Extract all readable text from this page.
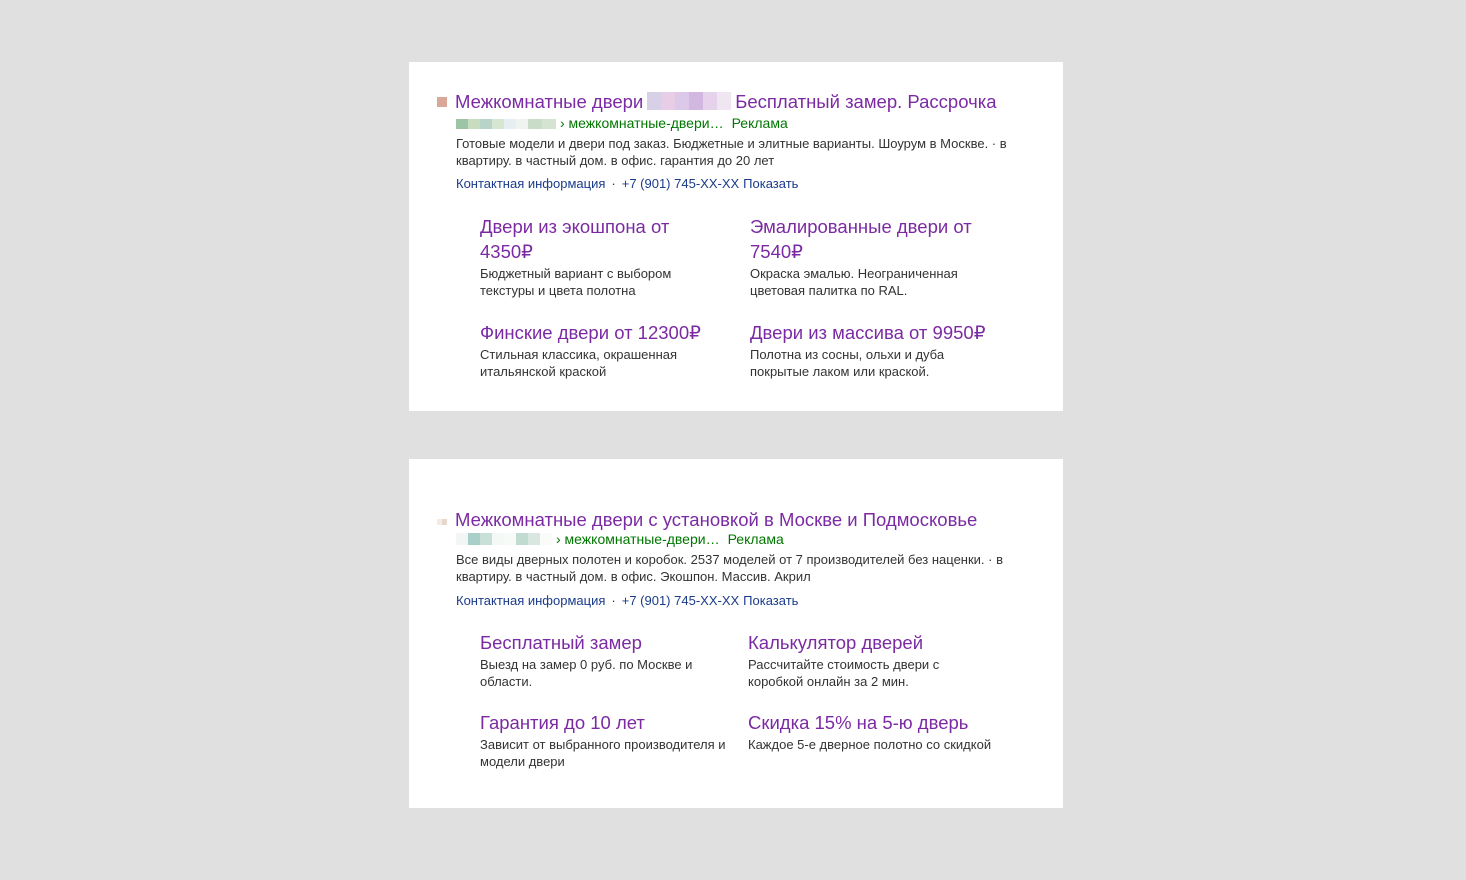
Межкомнатные двери	Бесплатный замер. Рассрочка
› межкомнатные-двери… Реклама
Готовые модели и двери под заказ. Бюджетные и элитные варианты. Шоурум в Москве. · в квартиру. в частный дом. в офис. гарантия до 20 лет
Контактная информация · +7 (901) 745-XX-XX Показать
Двери из экошпона от 4350₽
Бюджетный вариант с выбором текстуры и цвета полотна
Эмалированные двери от 7540₽
Окраска эмалью. Неограниченная цветовая палитка по RAL.
Финские двери от 12300₽
Стильная классика, окрашенная итальянской краской
Двери из массива от 9950₽
Полотна из сосны, ольхи и дуба покрытые лаком или краской.
Межкомнатные двери с установкой в Москве и Подмосковье
› межкомнатные-двери… Реклама
Все виды дверных полотен и коробок. 2537 моделей от 7 производителей без наценки. · в квартиру. в частный дом. в офис. Экошпон. Массив. Акрил
Контактная информация · +7 (901) 745-XX-XX Показать
Бесплатный замер
Выезд на замер 0 руб. по Москве и области.
Калькулятор дверей
Рассчитайте стоимость двери с коробкой онлайн за 2 мин.
Гарантия до 10 лет
Зависит от выбранного производителя и модели двери
Скидка 15% на 5-ю дверь
Каждое 5-е дверное полотно со скидкой
